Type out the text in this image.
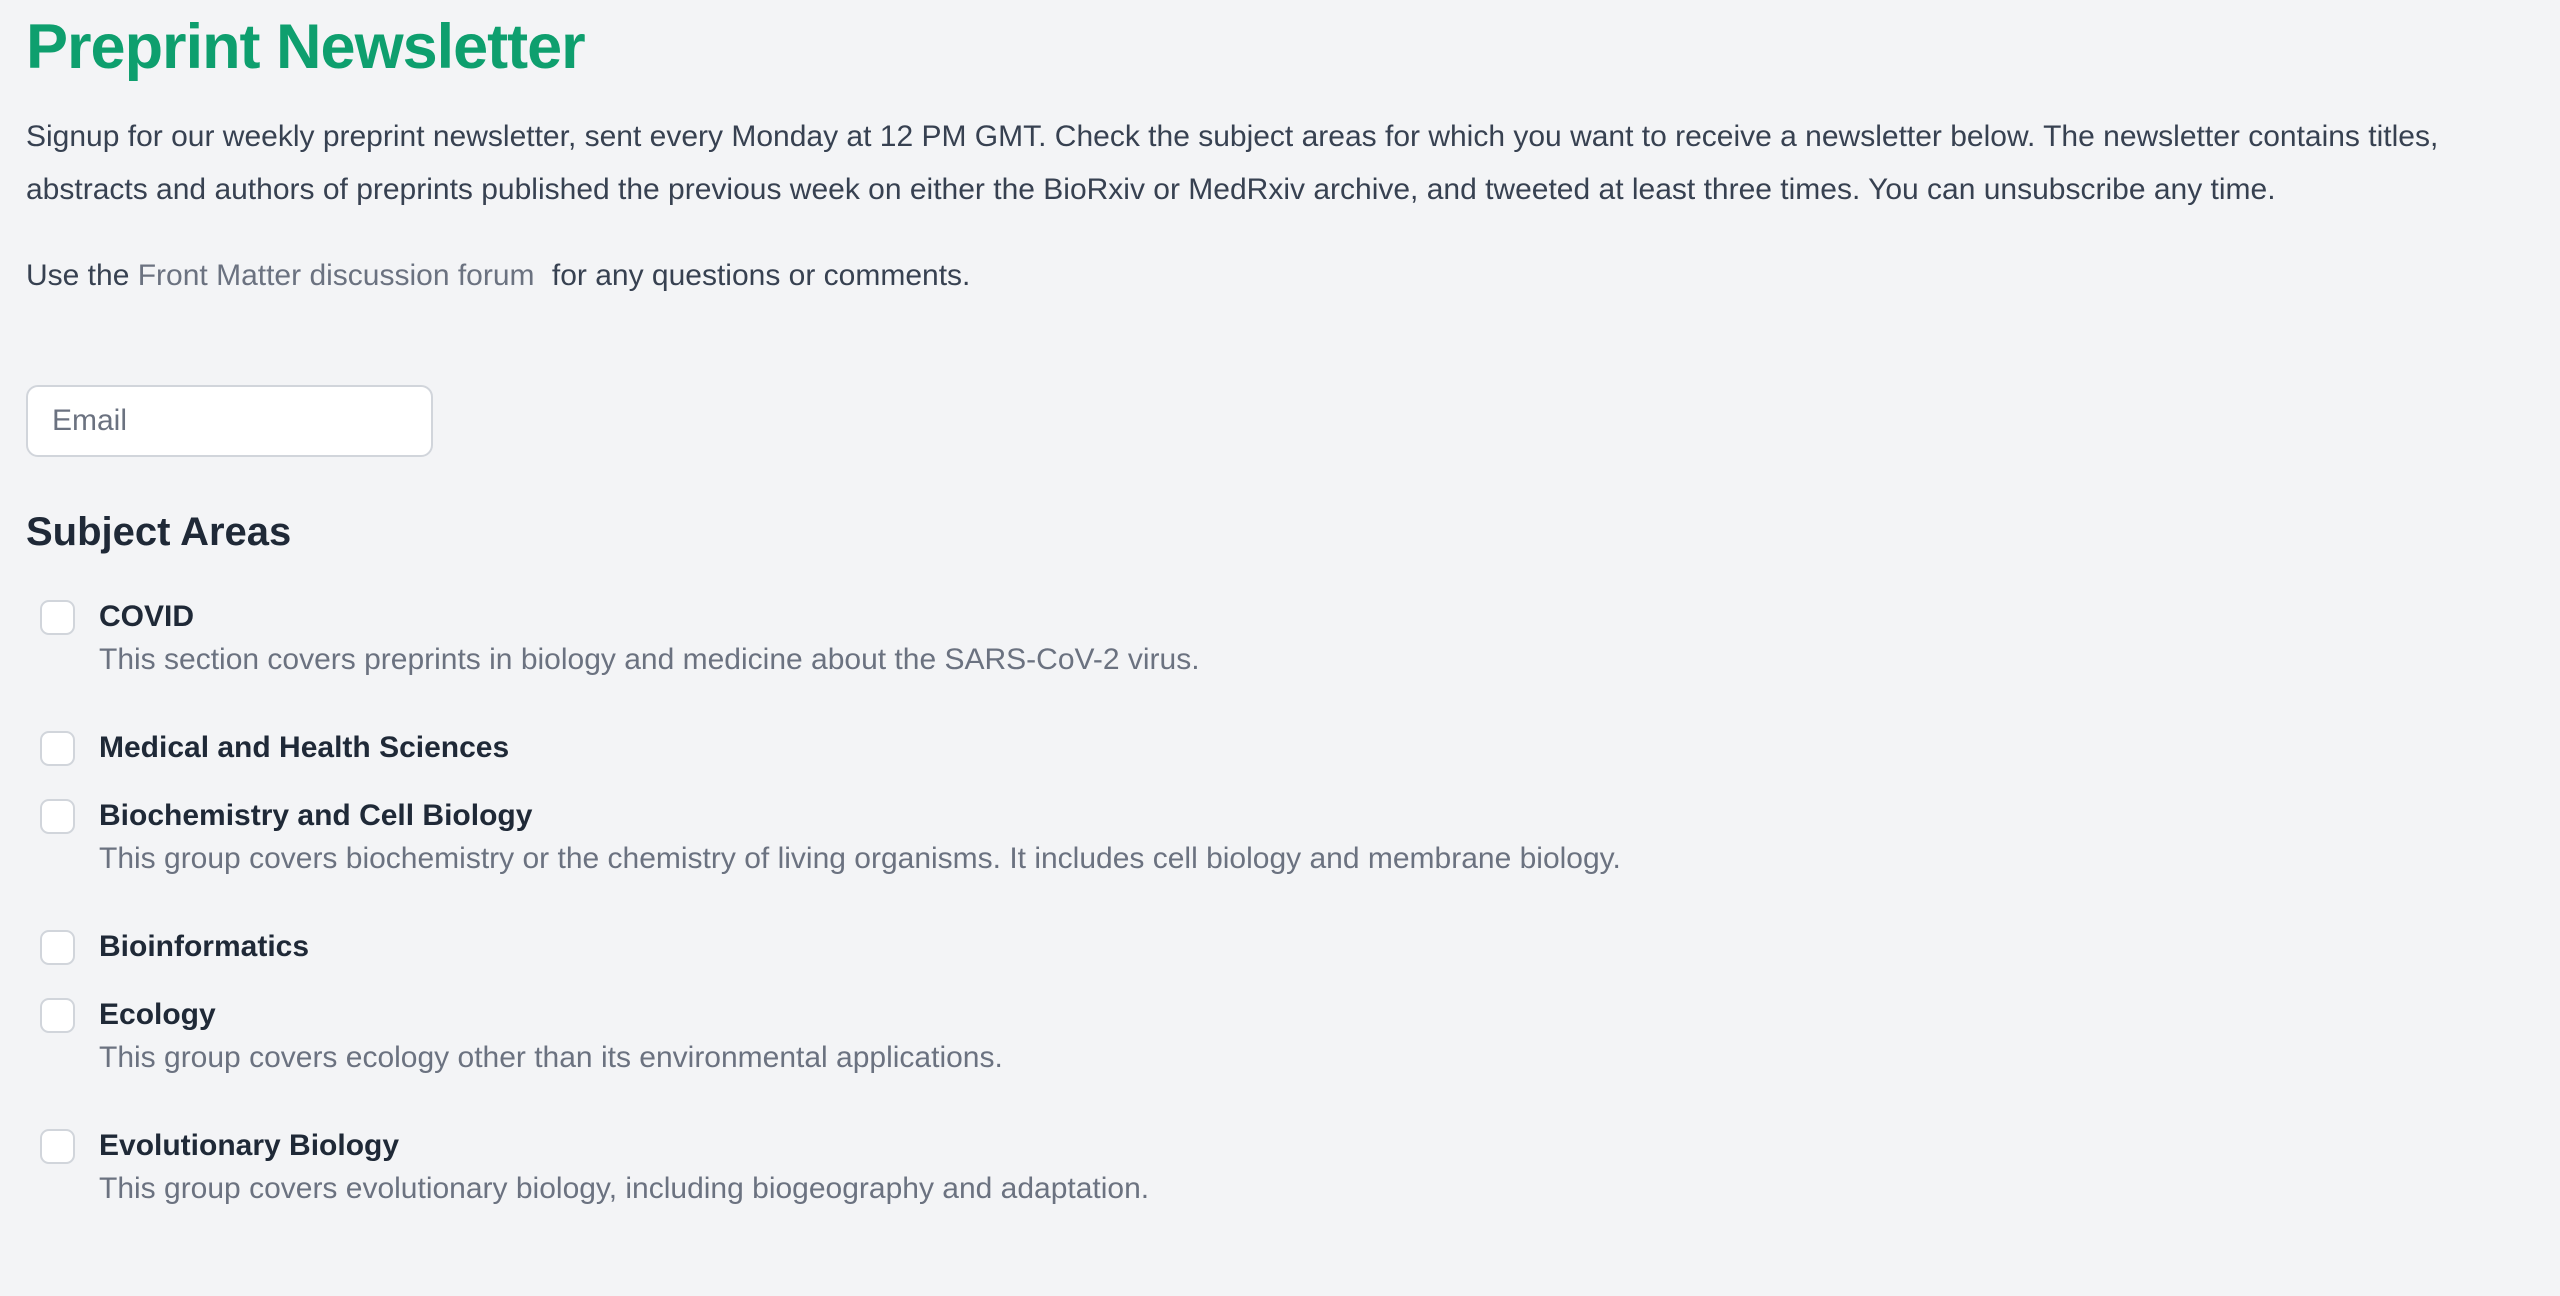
Preprint Newsletter

Signup for our weekly preprint newsletter, sent every Monday at 12 PM GMT. Check the subject areas for which you want to receive a newsletter below. The newsletter contains titles, abstracts and authors of preprints published the previous week on either the BioRxiv or MedRxiv archive, and tweeted at least three times. You can unsubscribe any time.

Use the Front Matter discussion forum for any questions or comments.

Email
Subject Areas
COVID

This section covers preprints in biology and medicine about the SARS-CoV-2 virus.

Medical and Health Sciences
Biochemistry and Cell Biology

This group covers biochemistry or the chemistry of living organisms. It includes cell biology and membrane biology.

Bioinformatics
Ecology

This group covers ecology other than its environmental applications.

Evolutionary Biology

This group covers evolutionary biology, including biogeography and adaptation.
